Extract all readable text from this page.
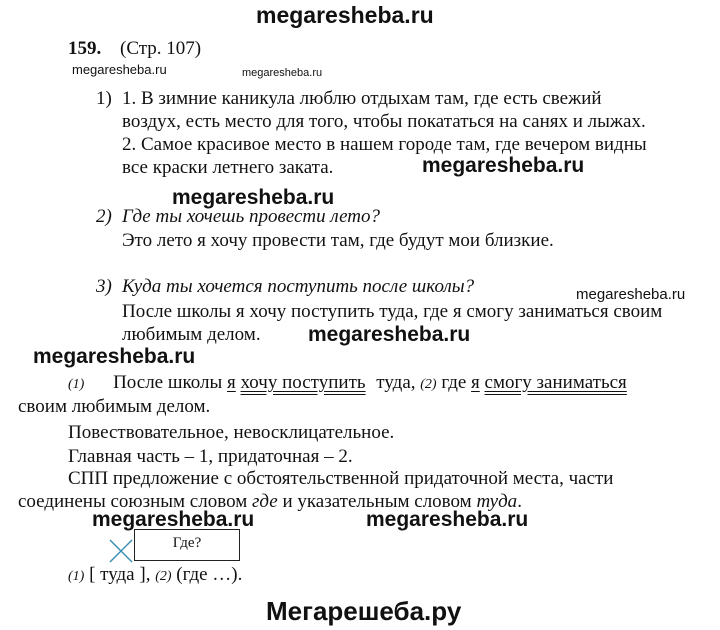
megaresheba.ru
159. (Стр. 107)
megaresheba.ru	megaresheba.ru
1) 1. В зимние каникула люблю отдыхам там, где есть свежий
воздух, есть место для того, чтобы покататься на санях и лыжах.
2. Самое красивое место в нашем городе там, где вечером видны
все краски летнего заката.	megaresheba.ru
megaresheba.ru
2) Где ты хочешь провести лето?
Это лето я хочу провести там, где будут мои близкие.
3) Куда ты хочется поступить после школы?	megaresheba.ru
После школы я хочу поступить туда, где я смогу заниматься своим
любимым делом. megaresheba.ru
megaresheba.ru
(1) После школы я хочу поступить туда, (2) где я смогу заниматься
своим любимым делом.
Повествовательное, невосклицательное.
Главная часть – 1, придаточная – 2.
СПП предложение с обстоятельственной придаточной места, части
соединены союзным словом где и указательным словом туда.
megaresheba.ru	megaresheba.ru
Где?
(1) [ туда ], (2) (где …).
Мегарешеба.ру
